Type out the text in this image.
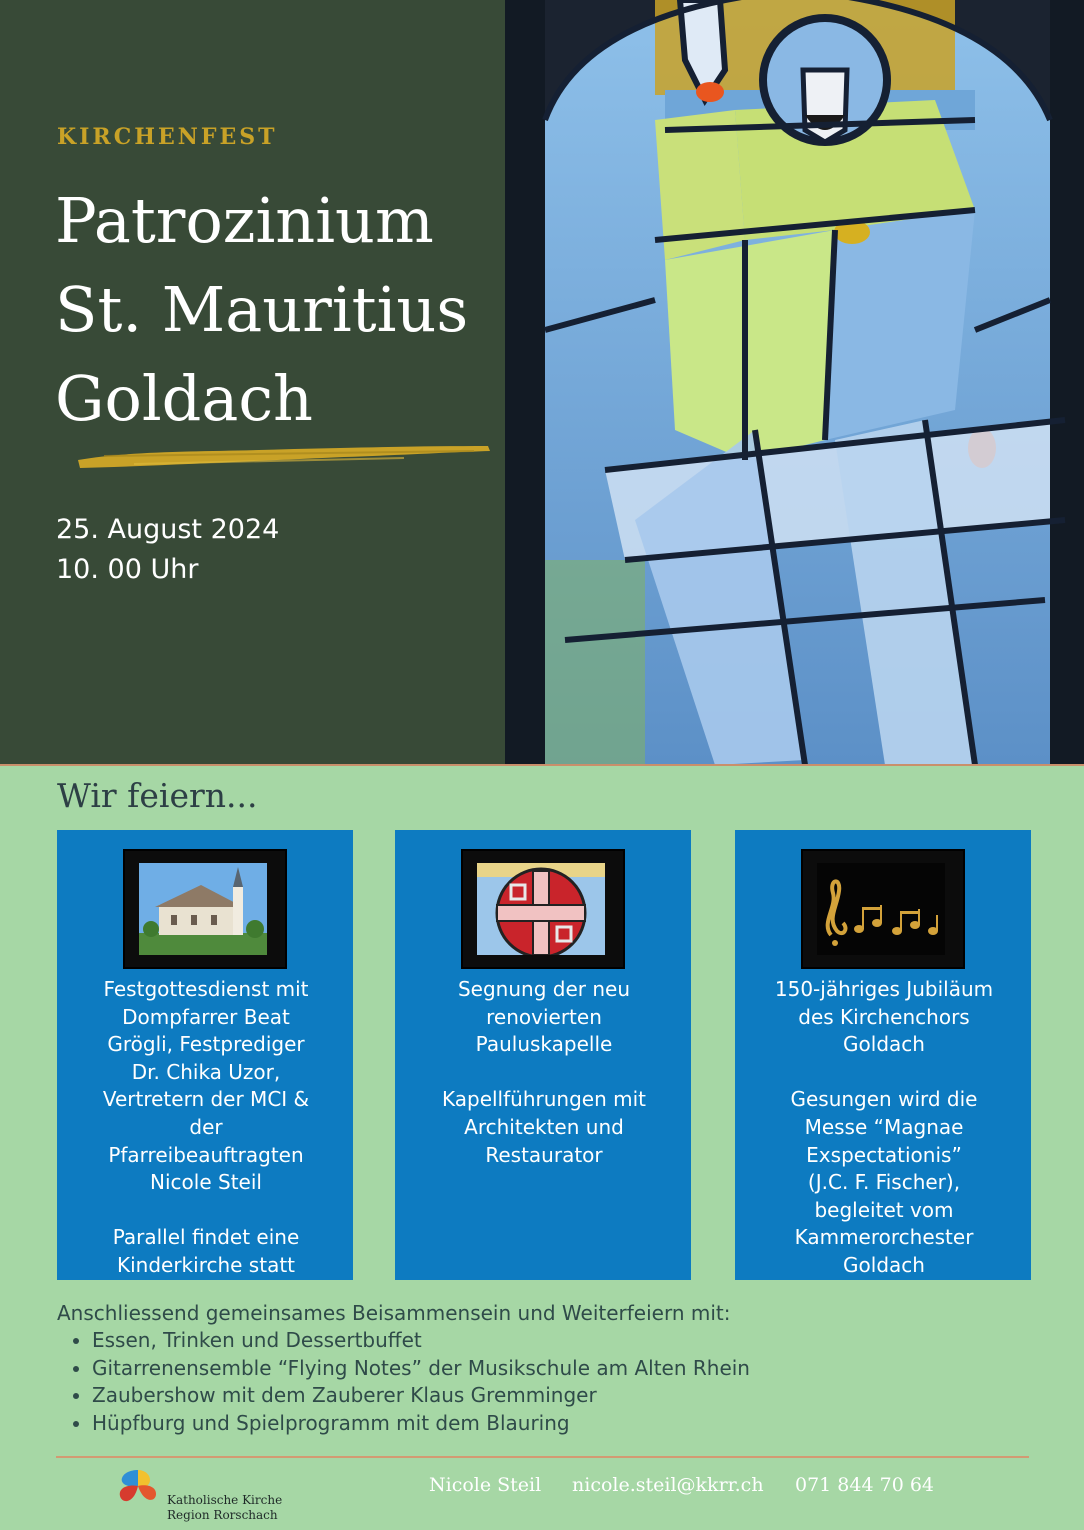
KIRCHENFEST
Patrozinium
St. Mauritius
Goldach
25. August 2024
10. 00 Uhr
Wir feiern...
Festgottesdienst mit
Dompfarrer Beat
Grögli, Festprediger
Dr. Chika Uzor,
Vertretern der MCI &
der
Pfarreibeauftragten
Nicole Steil

Parallel findet eine
Kinderkirche statt
Segnung der neu
renovierten
Pauluskapelle

Kapellführungen mit
Architekten und
Restaurator
150-jähriges Jubiläum
des Kirchenchors
Goldach

Gesungen wird die
Messe “Magnae
Exspectationis”
(J.C. F. Fischer),
begleitet vom
Kammerorchester
Goldach

Anschliessend gemeinsames Beisammensein und Weiterfeiern mit:

• Essen, Trinken und Dessertbuffet
• Gitarrenensemble “Flying Notes” der Musikschule am Alten Rhein
• Zaubershow mit dem Zauberer Klaus Gremminger
• Hüpfburg und Spielprogramm mit dem Blauring
Katholische Kirche
Region Rorschach
Nicole Steil nicole.steil@kkrr.ch 071 844 70 64
